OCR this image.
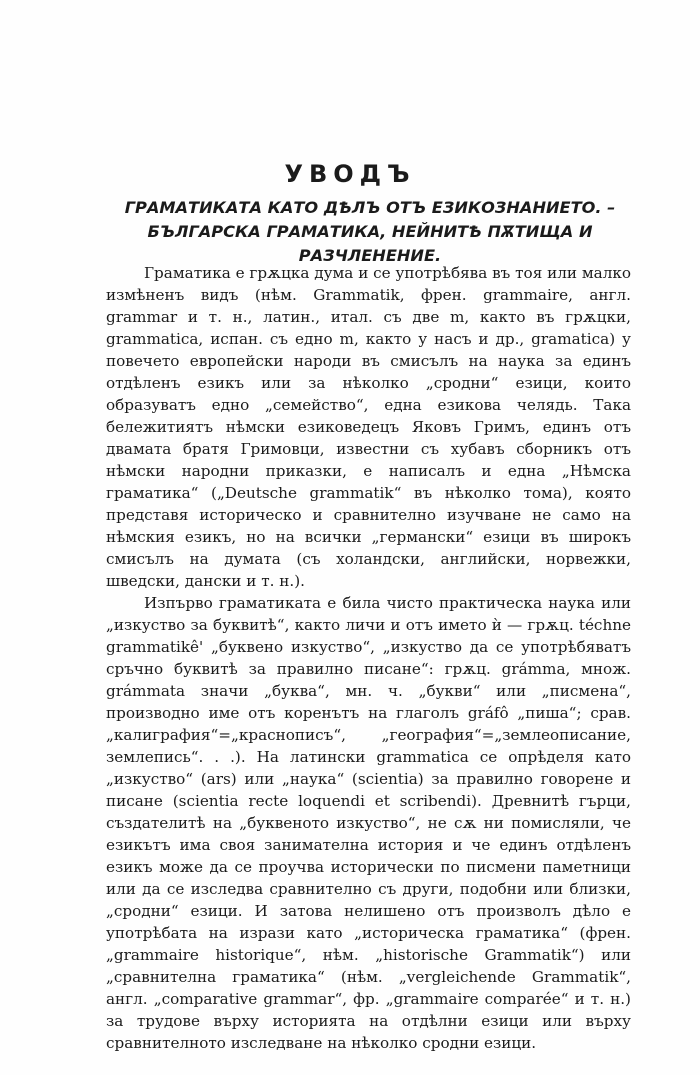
УВОДЪ
ГРАМАТИКАТА КАТО ДѢЛЪ ОТЪ ЕЗИКОЗНАНИЕТО. – БЪЛГАРСКА ГРАМАТИКА, НЕЙНИТѢ ПѪТИЩА И РАЗЧЛЕНЕНИЕ.

Граматика е грѫцка дума и се употрѣбява въ тоя или малко измѣненъ видъ (нѣм. Grammatik, френ. grammaire, англ. grammar и т. н., латин., итал. съ две m, както въ грѫцки, grammatica, испан. съ едно m, както у насъ и др., gramatica) у повечето европейски народи въ смисълъ на наука за единъ отдѣленъ езикъ или за нѣколко „сродни“ езици, които образуватъ едно „семейство“, една езикова челядь. Така бележитиятъ нѣмски езиковедецъ Яковъ Гримъ, единъ отъ двамата братя Гримовци, известни съ хубавъ сборникъ отъ нѣмски народни приказки, е написалъ и една „Нѣмска граматика“ („Deutsche grammatik“ въ нѣколко тома), която представя историческо и сравнително изучване не само на нѣмския езикъ, но на всички „германски“ езици въ широкъ смисълъ на думата (съ холандски, английски, норвежки, шведски, дански и т. н.).

Изпърво граматиката е била чисто практическа наука или „изкуство за буквитѣ“, както личи и отъ името ѝ — грѫц. téchne grammatikê' „буквено изкуство“, „изкуство да се употрѣбяватъ сръчно буквитѣ за правилно писане“: грѫц. grámma, множ. grámmata значи „буква“, мн. ч. „букви“ или „писмена“, производно име отъ коренътъ на глаголъ gráfô „пиша“; срав. „калиграфия“=„краснописъ“, „география“=„землеописание, землепись“. . .). На латински grammatica се опрѣделя като „изкуство“ (ars) или „наука“ (scientia) за правилно говорене и писане (scientia recte loquendi et scribendi). Древнитѣ гърци, създателитѣ на „буквеното изкуство“, не сѫ ни помисляли, че езикътъ има своя занимателна история и че единъ отдѣленъ езикъ може да се проучва исторически по писмени паметници или да се изследва сравнително съ други, подобни или близки, „сродни“ езици. И затова нелишено отъ произволъ дѣло е употрѣбата на изрази като „историческа граматика“ (френ. „grammaire historique“, нѣм. „historische Grammatik“) или „сравнителна граматика“ (нѣм. „vergleichende Grammatik“, англ. „comparative grammar“, фр. „grammaire comparée“ и т. н.) за трудове върху историята на отдѣлни езици или върху сравнителното изследване на нѣколко сродни езици.
